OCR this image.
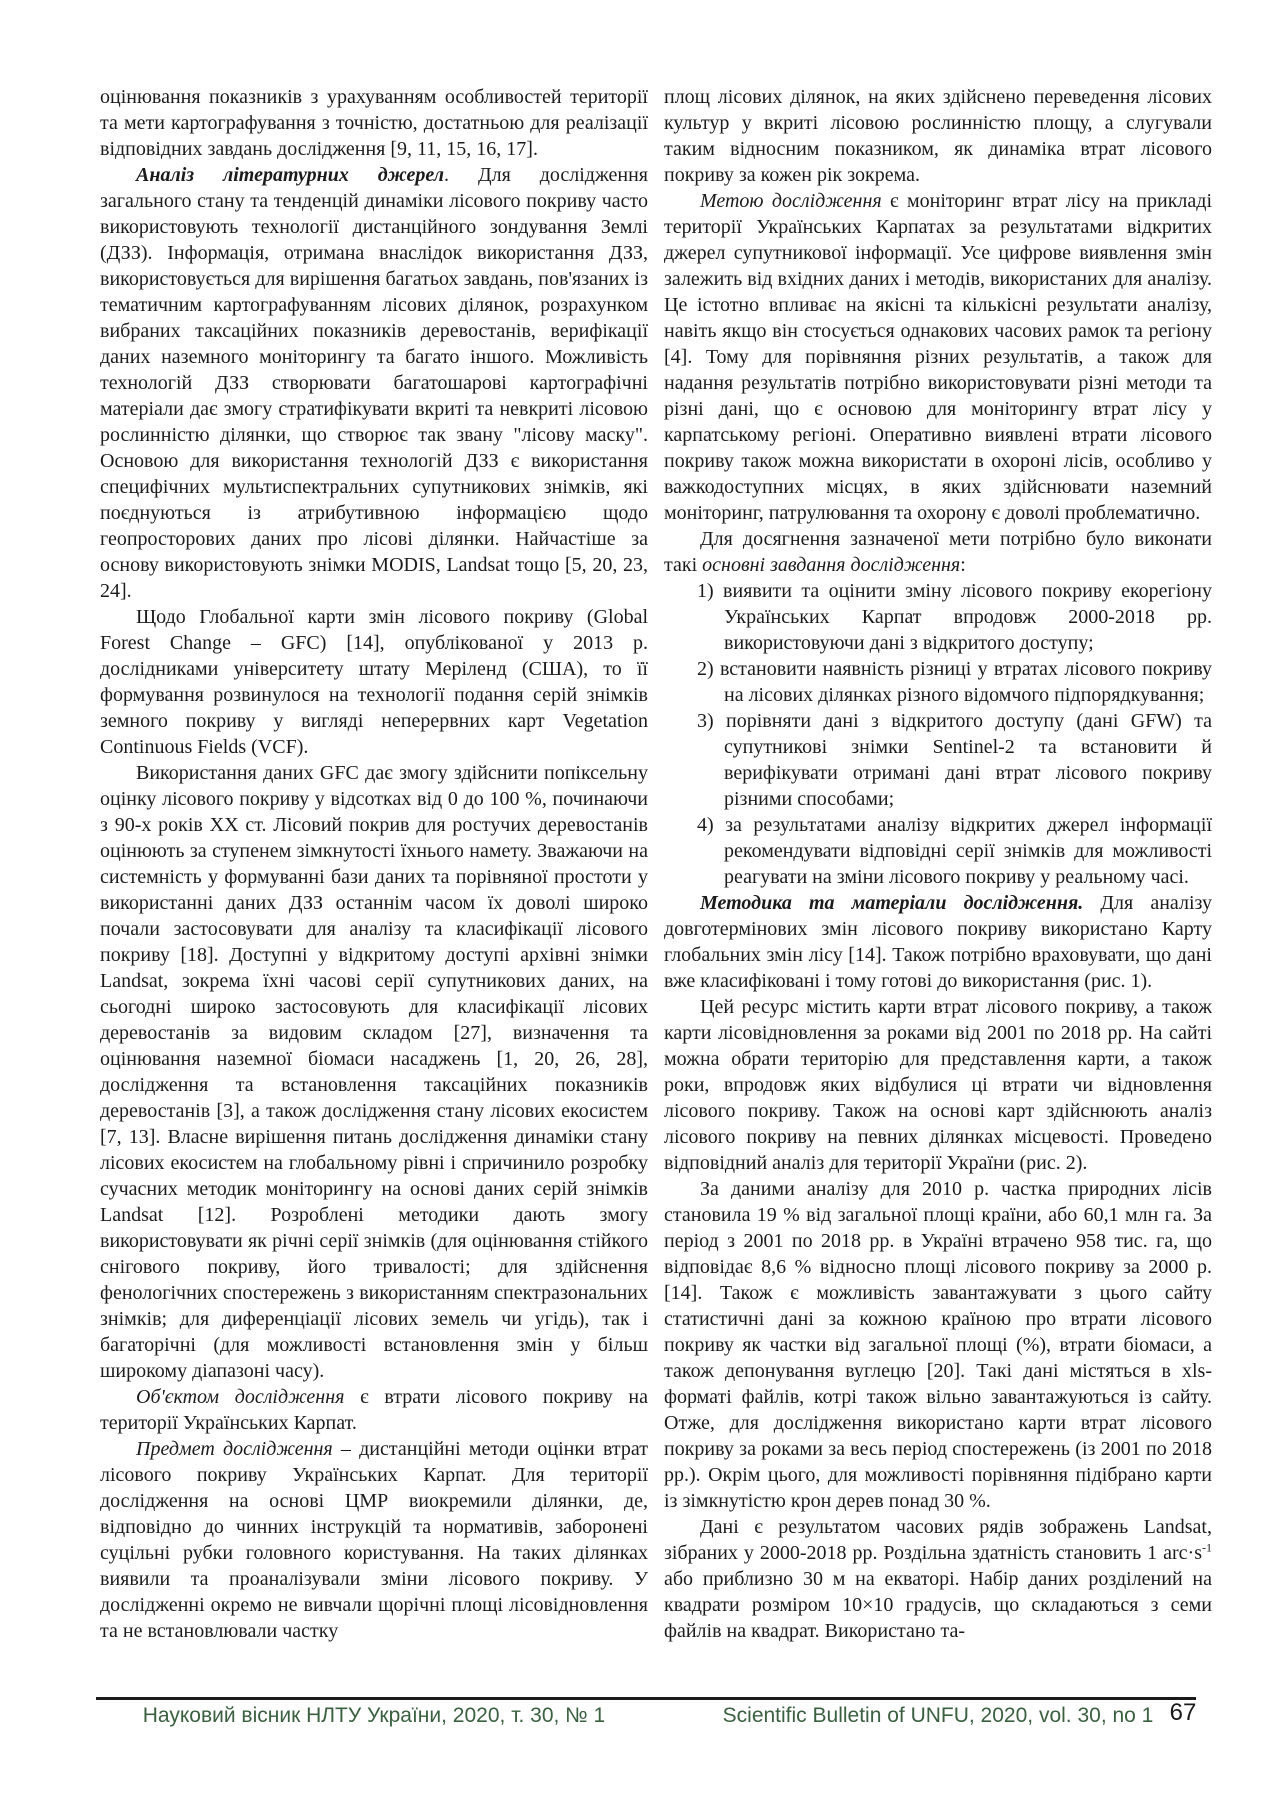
оцінювання показників з урахуванням особливостей території та мети картографування з точністю, достатньою для реалізації відповідних завдань дослідження [9, 11, 15, 16, 17].
Аналіз літературних джерел. Для дослідження загального стану та тенденцій динаміки лісового покриву часто використовують технології дистанційного зондування Землі (ДЗЗ). Інформація, отримана внаслідок використання ДЗЗ, використовується для вирішення багатьох завдань, пов'язаних із тематичним картографуванням лісових ділянок, розрахунком вибраних таксаційних показників деревостанів, верифікації даних наземного моніторингу та багато іншого. Можливість технологій ДЗЗ створювати багатошарові картографічні матеріали дає змогу стратифікувати вкриті та невкриті лісовою рослинністю ділянки, що створює так звану "лісову маску". Основою для використання технологій ДЗЗ є використання специфічних мультиспектральних супутникових знімків, які поєднуються із атрибутивною інформацією щодо геопросторових даних про лісові ділянки. Найчастіше за основу використовують знімки MODIS, Landsat тощо [5, 20, 23, 24].
Щодо Глобальної карти змін лісового покриву (Global Forest Change – GFC) [14], опублікованої у 2013 р. дослідниками університету штату Меріленд (США), то її формування розвинулося на технології подання серій знімків земного покриву у вигляді неперервних карт Vegetation Continuous Fields (VCF).
Використання даних GFC дає змогу здійснити попіксельну оцінку лісового покриву у відсотках від 0 до 100 %, починаючи з 90-х років XX ст. Лісовий покрив для ростучих деревостанів оцінюють за ступенем зімкнутості їхнього намету. Зважаючи на системність у формуванні бази даних та порівняної простоти у використанні даних ДЗЗ останнім часом їх доволі широко почали застосовувати для аналізу та класифікації лісового покриву [18]. Доступні у відкритому доступі архівні знімки Landsat, зокрема їхні часові серії супутникових даних, на сьогодні широко застосовують для класифікації лісових деревостанів за видовим складом [27], визначення та оцінювання наземної біомаси насаджень [1, 20, 26, 28], дослідження та встановлення таксаційних показників деревостанів [3], а також дослідження стану лісових екосистем [7, 13]. Власне вирішення питань дослідження динаміки стану лісових екосистем на глобальному рівні і спричинило розробку сучасних методик моніторингу на основі даних серій знімків Landsat [12]. Розроблені методики дають змогу використовувати як річні серії знімків (для оцінювання стійкого снігового покриву, його тривалості; для здійснення фенологічних спостережень з використанням спектразональних знімків; для диференціації лісових земель чи угідь), так і багаторічні (для можливості встановлення змін у більш широкому діапазоні часу).
Об'єктом дослідження є втрати лісового покриву на території Українських Карпат.
Предмет дослідження – дистанційні методи оцінки втрат лісового покриву Українських Карпат. Для території дослідження на основі ЦМР виокремили ділянки, де, відповідно до чинних інструкцій та нормативів, заборонені суцільні рубки головного користування. На таких ділянках виявили та проаналізували зміни лісового покриву. У дослідженні окремо не вивчали щорічні площі лісовідновлення та не встановлювали частку
площ лісових ділянок, на яких здійснено переведення лісових культур у вкриті лісовою рослинністю площу, а слугували таким відносним показником, як динаміка втрат лісового покриву за кожен рік зокрема.
Метою дослідження є моніторинг втрат лісу на прикладі території Українських Карпатах за результатами відкритих джерел супутникової інформації. Усе цифрове виявлення змін залежить від вхідних даних і методів, використаних для аналізу. Це істотно впливає на якісні та кількісні результати аналізу, навіть якщо він стосується однакових часових рамок та регіону [4]. Тому для порівняння різних результатів, а також для надання результатів потрібно використовувати різні методи та різні дані, що є основою для моніторингу втрат лісу у карпатському регіоні. Оперативно виявлені втрати лісового покриву також можна використати в охороні лісів, особливо у важкодоступних місцях, в яких здійснювати наземний моніторинг, патрулювання та охорону є доволі проблематично.
Для досягнення зазначеної мети потрібно було виконати такі основні завдання дослідження:
1) виявити та оцінити зміну лісового покриву екорегіону Українських Карпат впродовж 2000-2018 рр. використовуючи дані з відкритого доступу;
2) встановити наявність різниці у втратах лісового покриву на лісових ділянках різного відомчого підпорядкування;
3) порівняти дані з відкритого доступу (дані GFW) та супутникові знімки Sentinel-2 та встановити й верифікувати отримані дані втрат лісового покриву різними способами;
4) за результатами аналізу відкритих джерел інформації рекомендувати відповідні серії знімків для можливості реагувати на зміни лісового покриву у реальному часі.
Методика та матеріали дослідження. Для аналізу довготермінових змін лісового покриву використано Карту глобальних змін лісу [14]. Також потрібно враховувати, що дані вже класифіковані і тому готові до використання (рис. 1).
Цей ресурс містить карти втрат лісового покриву, а також карти лісовідновлення за роками від 2001 по 2018 рр. На сайті можна обрати територію для представлення карти, а також роки, впродовж яких відбулися ці втрати чи відновлення лісового покриву. Також на основі карт здійснюють аналіз лісового покриву на певних ділянках місцевості. Проведено відповідний аналіз для території України (рис. 2).
За даними аналізу для 2010 р. частка природних лісів становила 19 % від загальної площі країни, або 60,1 млн га. За період з 2001 по 2018 рр. в Україні втрачено 958 тис. га, що відповідає 8,6 % відносно площі лісового покриву за 2000 р. [14]. Також є можливість завантажувати з цього сайту статистичні дані за кожною країною про втрати лісового покриву як частки від загальної площі (%), втрати біомаси, а також депонування вуглецю [20]. Такі дані містяться в xls-форматі файлів, котрі також вільно завантажуються із сайту. Отже, для дослідження використано карти втрат лісового покриву за роками за весь період спостережень (із 2001 по 2018 рр.). Окрім цього, для можливості порівняння підібрано карти із зімкнутістю крон дерев понад 30 %.
Дані є результатом часових рядів зображень Landsat, зібраних у 2000-2018 рр. Роздільна здатність становить 1 $arc\cdot s^{-1}$ або приблизно 30 м на екваторі. Набір даних розділений на квадрати розміром 10×10 градусів, що складаються з семи файлів на квадрат. Використано та-
Науковий вісник НЛТУ України, 2020, т. 30, № 1	Scientific Bulletin of UNFU, 2020, vol. 30, no 1 67
